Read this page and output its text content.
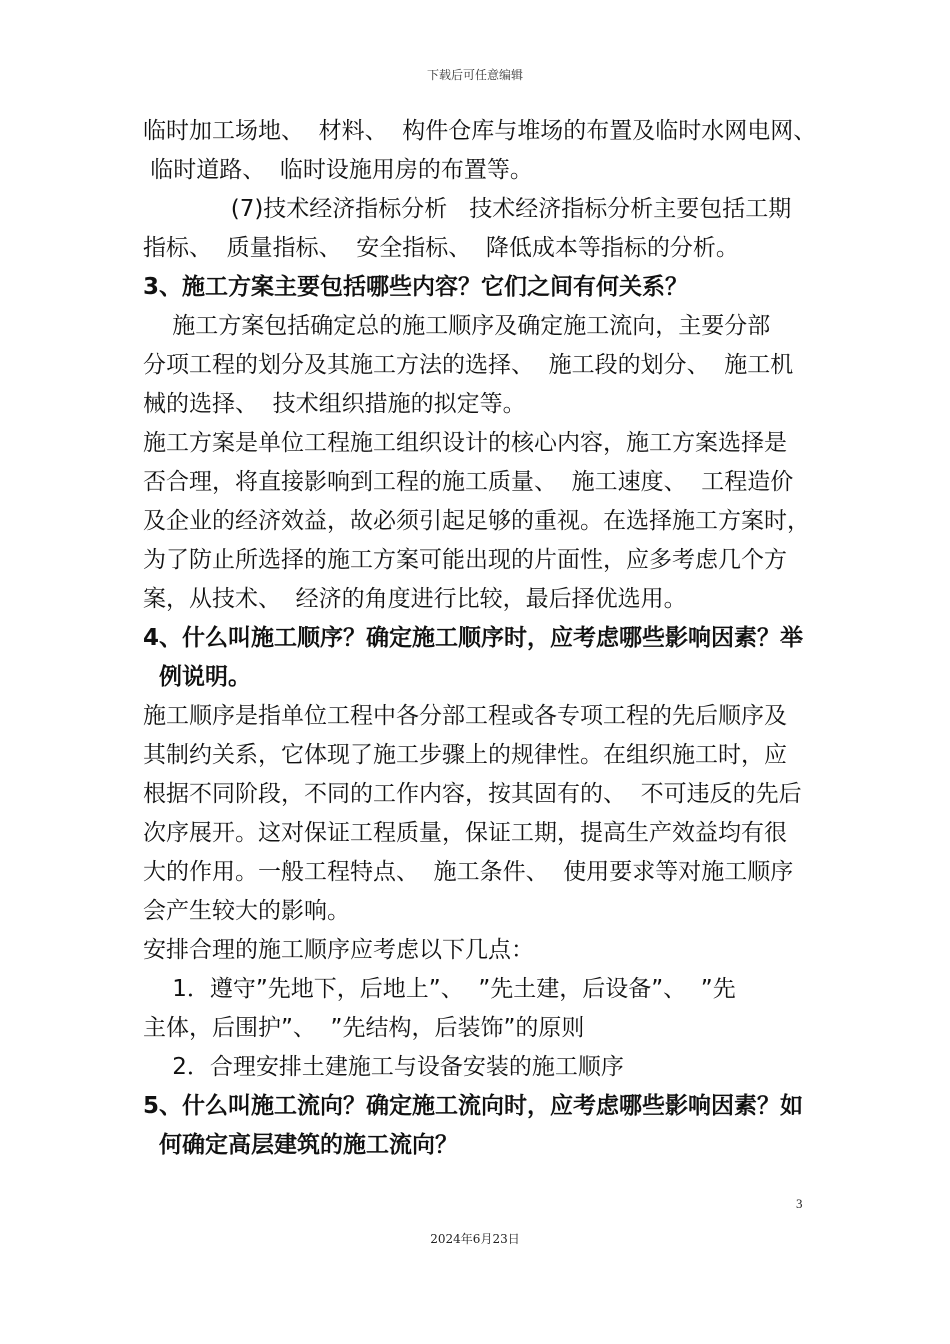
下载后可任意编辑
临时加工场地、  材料、  构件仓库与堆场的布置及临时水网电网、
临时道路、  临时设施用房的布置等。
(7)技术经济指标分析   技术经济指标分析主要包括工期
指标、  质量指标、  安全指标、  降低成本等指标的分析。
3、施工方案主要包括哪些内容？它们之间有何关系？
施工方案包括确定总的施工顺序及确定施工流向，主要分部
分项工程的划分及其施工方法的选择、  施工段的划分、  施工机
械的选择、  技术组织措施的拟定等。
施工方案是单位工程施工组织设计的核心内容，施工方案选择是
否合理，将直接影响到工程的施工质量、  施工速度、  工程造价
及企业的经济效益，故必须引起足够的重视。在选择施工方案时，
为了防止所选择的施工方案可能出现的片面性，应多考虑几个方
案，从技术、  经济的角度进行比较，最后择优选用。
4、什么叫施工顺序？确定施工顺序时，应考虑哪些影响因素？举
例说明。
施工顺序是指单位工程中各分部工程或各专项工程的先后顺序及
其制约关系，它体现了施工步骤上的规律性。在组织施工时，应
根据不同阶段，不同的工作内容，按其固有的、  不可违反的先后
次序展开。这对保证工程质量，保证工期，提高生产效益均有很
大的作用。一般工程特点、  施工条件、  使用要求等对施工顺序
会产生较大的影响。
安排合理的施工顺序应考虑以下几点：
1．遵守”先地下，后地上”、  ”先土建，后设备”、  ”先
主体，后围护”、  ”先结构，后装饰”的原则
2．合理安排土建施工与设备安装的施工顺序
5、什么叫施工流向？确定施工流向时，应考虑哪些影响因素？如
何确定高层建筑的施工流向？
3
2024年6月23日
